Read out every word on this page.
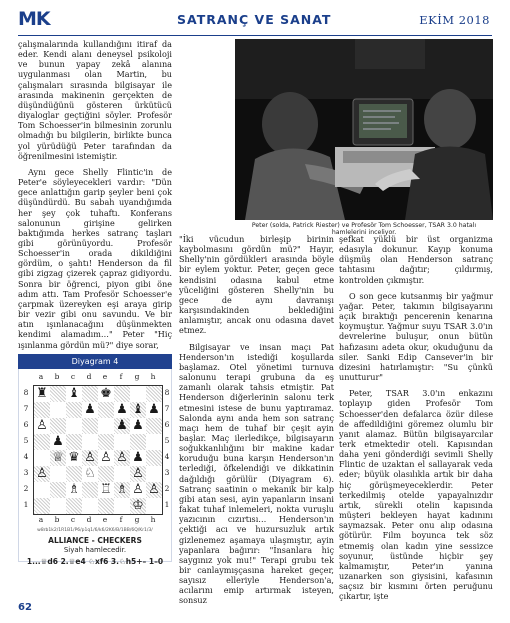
MK	SATRANÇ VE SANAT	EKİM 2018

çalışmalarında kullandığını itiraf da eder. Kendi alanı deneysel psikoloji ve bunun yapay zekâ alanına uygulanması olan Martin, bu çalışmaları sırasında bilgisayar ile arasında makinenin gerçekten de düşündüğünü gösteren ürkütücü diyaloglar geçtiğini söyler. Profesör Tom Schoesser'in bilmesinin zorunlu olmadığı bu bilgilerin, birlikte bunca yol yürüdüğü Peter tarafından da öğrenilmesini istemiştir.

Aynı gece Shelly Flintic'in de Peter'e söyleyecekleri vardır: "Dün gece anlattığın garip şeyler beni çok düşündürdü. Bu sabah uyandığımda her şey çok tuhaftı. Konferans salonunun girişine gelirken baktığımda herkes satranç taşları gibi görünüyordu. Profesör Schoesser'in orada dikildiğini gördüm, o şahtı! Henderson da fil gibi zigzag çizerek çapraz gidiyordu. Sonra bir öğrenci, piyon gibi öne adım attı. Tam Profesör Schoesser'e çarpmak üzereyken eşi araya girip bir vezir gibi onu savundu. Ve bir atın ışınlanacağını düşünmekten kendimi alamadım…" Peter "Hiç ışınlanma gördün mü?" diye sorar,

Peter (solda, Patrick Riester) ve Profesör Tom Schoesser, TSAR 3.0 hatalı hamlelerini inceliyor.

"İki vücudun birleşip birinin kaybolmasını gördün mü?" Hayır, Shelly'nin gördükleri arasında böyle bir eylem yoktur. Peter, geçen gece kendisini odasına kabul etme yüceliğini gösteren Shelly'nin bu gece de aynı davranışı karşısındakinden beklediğini anlamıştır, ancak onu odasına davet etmez.

Bilgisayar ve insan maçı Pat Henderson'ın istediği koşullarda başlamaz. Otel yönetimi turnuva salonunu terapi grubuna da eş zamanlı olarak tahsis etmiştir. Pat Henderson diğerlerinin salonu terk etmesini istese de bunu yaptıramaz. Salonda aynı anda hem son satranç maçı hem de tuhaf bir çeşit ayin başlar. Maç ilerledikçe, bilgisayarın soğukkanlılığını bir makine kadar koruduğu buna karşın Henderson'ın terlediği, öfkelendiği ve dikkatinin dağıldığı görülür (Diyagram 6). Satranç saatinin o mekanik bir kalp gibi atan sesi, ayin yapanların insani fakat tuhaf inlemeleri, nokta vuruşlu yazıcının cızırtısı… Henderson'ın çektiği acı ve huzursuzluk artık gizlenemez aşamaya ulaşmıştır, ayin yapanlara bağırır: "İnsanlara hiç saygınız yok mu!" Terapi grubu tek bir canlaymışçasına hareket geçer, sayısız elleriyle Henderson'a, acılarını emip artırmak isteyen, sonsuz

şefkat yüklü bir üst organizma edasıyla dokunur. Kayıp konuma düşmüş olan Henderson satranç tahtasını dağıtır; çıldırmış, kontrolden çıkmıştır.

O son gece kutsanmış bir yağmur yağar. Peter, takımın bilgisayarını açık bıraktığı pencerenin kenarına koymuştur. Yağmur suyu TSAR 3.0'ın devrelerine buluşur, onun bütün hafızasını adeta okur, okuduğunu da siler. Sanki Edip Cansever'in bir dizesini hatırlamıştır: "Su çünkü unutturur"

Peter, TSAR 3.0'ın enkazını toplayıp giden Profesör Tom Schoesser'den defalarca özür dilese de affedildiğini göremez olumlu bir yanıt alamaz. Bütün bilgisayarcılar terk etmektedir oteli. Kapısından daha yeni gönderdiği sevimli Shelly Flintic de uzaktan el sallayarak veda eder; büyük olasılıkla artık bir daha hiç görüşmeyeceklerdir. Peter terkedilmiş otelde yapayalnızdır artık, sürekli otelin kapısında müşteri bekleyen hayat kadınını saymazsak. Peter onu alıp odasına götürür. Film boyunca tek söz etmemiş olan kadın yine sessizce soyunur, üstünde hiçbir şey kalmamıştır, Peter'ın yanına uzanarken son giysisini, kafasının saçsız bir kısmını örten peruğunu çıkartır, işte

Diyagram 4
a b c d e f g h
a b c d e f g h
8
7
6
5
4
3
2
1
8
7
6
5
4
3
2
1
♜ ♝ ♚
♟ ♟ ♝ ♟
♙	♟ ♟
♟
♕ ♛ ♙ ♙ ♙ ♟
♙	♘	♙
♗ ♖ ♗ ♙ ♙
♔
w8rb1k2/1R1B1/P6/p1q1/6/k6/2K6/B/1BB/6Q/Kr1/3/
ALLIANCE - CHECKERS
Siyah hamlecedir.
1...♕d6 2.♕e4 ♘xf6 3.♘h5+– 1–0
62
